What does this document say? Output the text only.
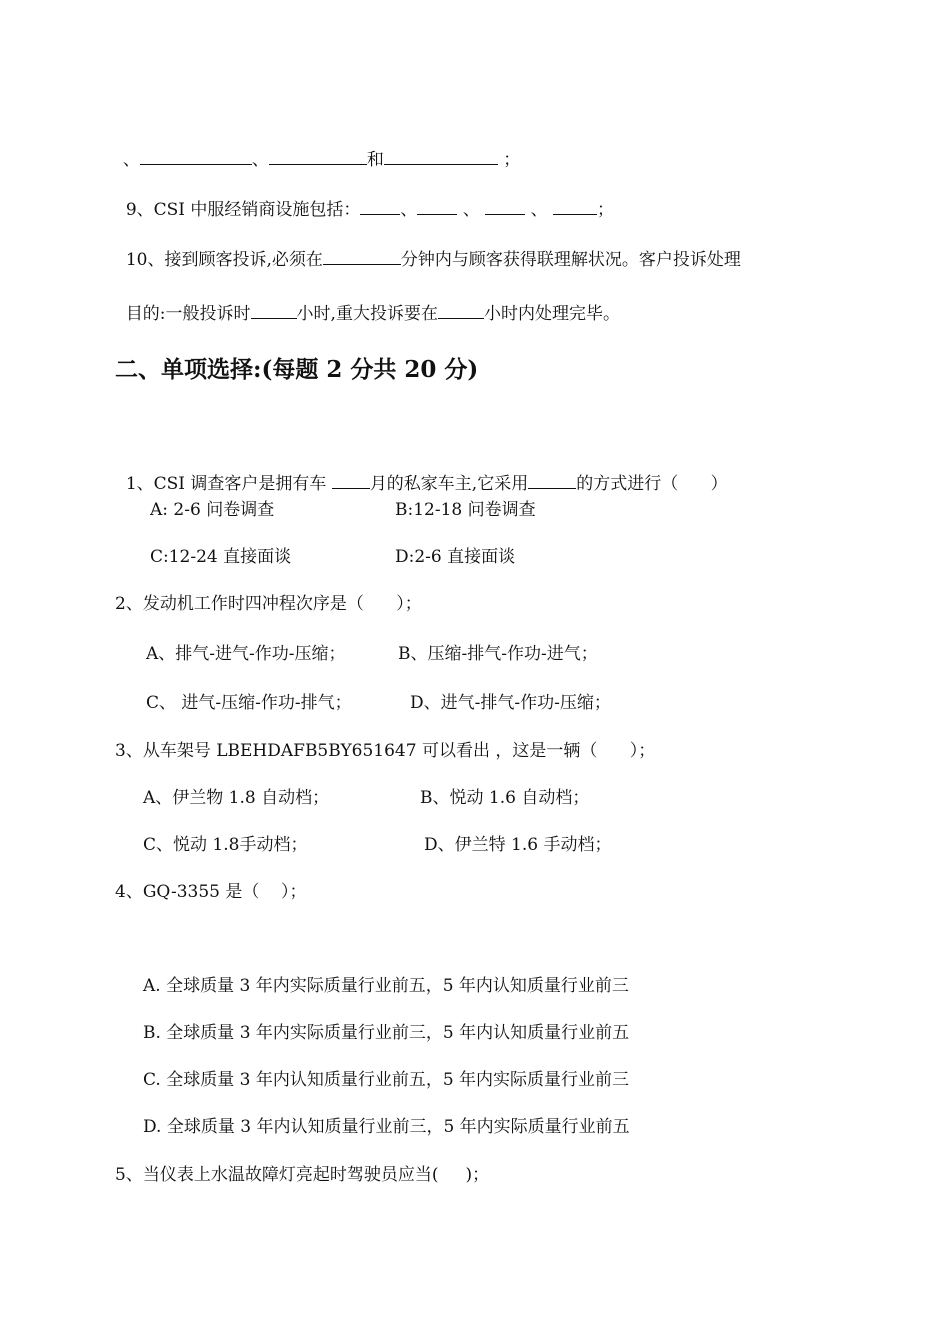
、	、	和	；

9、CSI 中服经销商设施包括： 、	、	、	；

10、接到顾客投诉,必须在	分钟内与顾客获得联理解状况。客户投诉处理

目的:一般投诉时	小时,重大投诉要在	小时内处理完毕。

二、单项选择:(每题 2 分共 20 分)

1、CSI 调查客户是拥有车 月的私家车主,它采用	的方式进行（      ）

A: 2-6 问卷调查	B:12-18 问卷调查
C:12-24 直接面谈	D:2-6 直接面谈
2、发动机工作时四冲程次序是（      ）；
A、排气-进气-作功-压缩；	B、压缩-排气-作功-进气；
C、 进气-压缩-作功-排气；	D、进气-排气-作功-压缩；
3、从车架号 LBEHDAFB5BY651647 可以看出 ，这是一辆（      ）；
A、伊兰物 1.8 自动档；	B、悦动 1.6 自动档；
C、悦动 1.8手动档；	D、伊兰特 1.6 手动档；
4、GQ-3355 是（    ）；
A. 全球质量 3 年内实际质量行业前五，5 年内认知质量行业前三
B. 全球质量 3 年内实际质量行业前三，5 年内认知质量行业前五
C. 全球质量 3 年内认知质量行业前五，5 年内实际质量行业前三
D. 全球质量 3 年内认知质量行业前三，5 年内实际质量行业前五
5、当仪表上水温故障灯亮起时驾驶员应当(     )；
